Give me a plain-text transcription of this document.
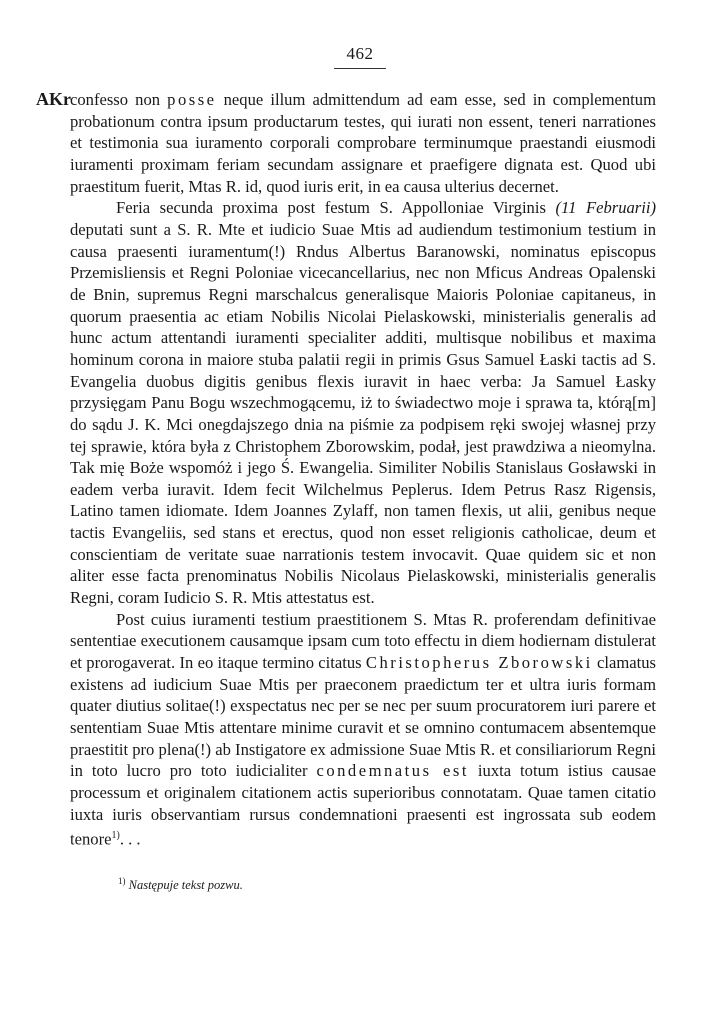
462
AKr confesso non posse neque illum admittendum ad eam esse, sed in complementum probationum contra ipsum productarum testes, qui iurati non essent, teneri narrationes et testimonia sua iuramento corporali comprobare terminumque praestandi eiusmodi iuramenti proximam feriam secundam assignare et praefigere dignata est. Quod ubi praestitum fuerit, Mtas R. id, quod iuris erit, in ea causa ulterius decernet.

Feria secunda proxima post festum S. Appolloniae Virginis (11 Februarii) deputati sunt a S. R. Mte et iudicio Suae Mtis ad audiendum testimonium testium in causa praesenti iuramentum(!) Rndus Albertus Baranowski, nominatus episcopus Przemisliensis et Regni Poloniae vicecancellarius, nec non Mficus Andreas Opalenski de Bnin, supremus Regni marschalcus generalisque Maioris Poloniae capitaneus, in quorum praesentia ac etiam Nobilis Nicolai Pielaskowski, ministerialis generalis ad hunc actum attentandi iuramenti specialiter additi, multisque nobilibus et maxima hominum corona in maiore stuba palatii regii in primis Gsus Samuel Łaski tactis ad S. Evangelia duobus digitis genibus flexis iuravit in haec verba: Ja Samuel Łasky przysięgam Panu Bogu wszechmogącemu, iż to świadectwo moje i sprawa ta, którą[m] do sądu J. K. Mci onegdajszego dnia na piśmie za podpisem ręki swojej własnej przy tej sprawie, która była z Christophem Zborowskim, podał, jest prawdziwa a nieomylna. Tak mię Boże wspomóż i jego Ś. Ewangelia. Similiter Nobilis Stanislaus Gosławski in eadem verba iuravit. Idem fecit Wilchelmus Peplerus. Idem Petrus Rasz Rigensis, Latino tamen idiomate. Idem Joannes Zylaff, non tamen flexis, ut alii, genibus neque tactis Evangeliis, sed stans et erectus, quod non esset religionis catholicae, deum et conscientiam de veritate suae narrationis testem invocavit. Quae quidem sic et non aliter esse facta prenominatus Nobilis Nicolaus Pielaskowski, ministerialis generalis Regni, coram Iudicio S. R. Mtis attestatus est.

Post cuius iuramenti testium praestitionem S. Mtas R. proferendam definitivae sententiae executionem causamque ipsam cum toto effectu in diem hodiernam distulerat et prorogaverat. In eo itaque termino citatus Christopherus Zborowski clamatus existens ad iudicium Suae Mtis per praeconem praedictum ter et ultra iuris formam quater diutius solitae(!) exspectatus nec per se nec per suum procuratorem iuri parere et sententiam Suae Mtis attentare minime curavit et se omnino contumacem absentemque praestitit pro plena(!) ab Instigatore ex admissione Suae Mtis R. et consiliariorum Regni in toto lucro pro toto iudicialiter condemnatus est iuxta totum istius causae processum et originalem citationem actis superioribus connotatam. Quae tamen citatio iuxta iuris observantiam rursus condemnationi praesenti est ingrossata sub eodem tenore$^{1)}$. . .

$^{1)}$ Następuje tekst pozwu.
